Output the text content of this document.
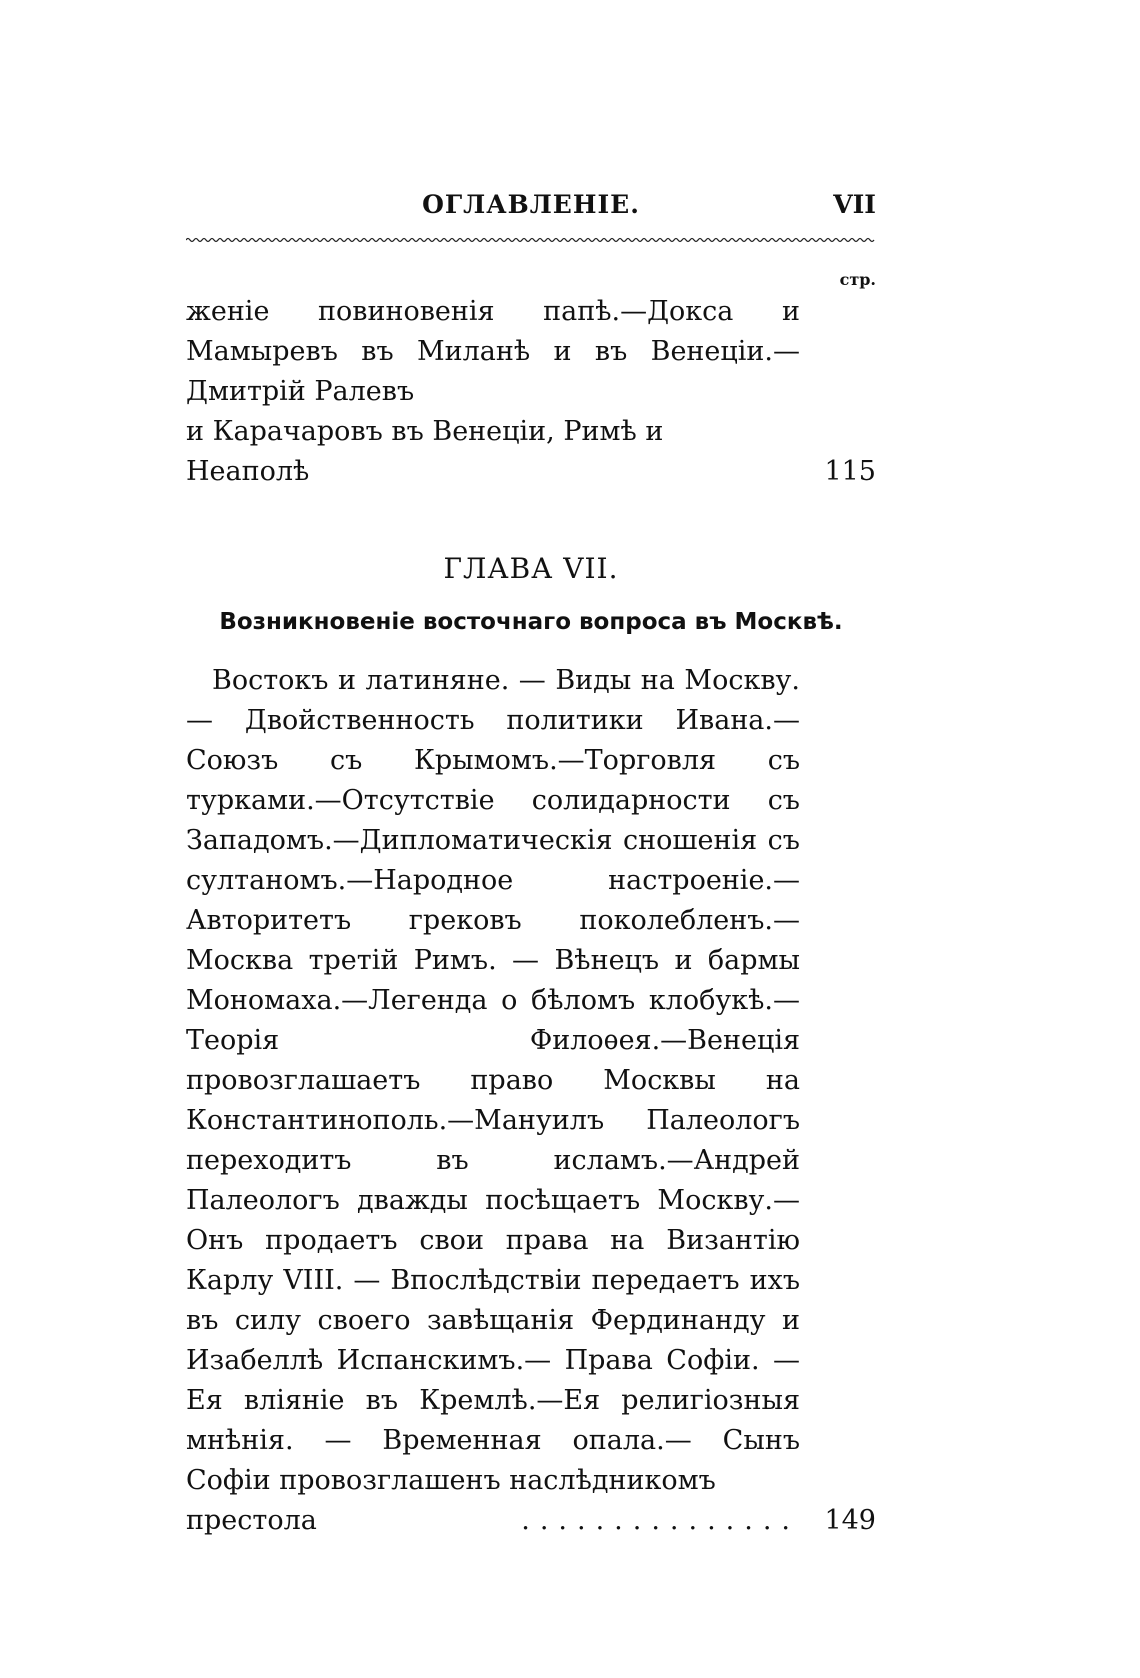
ОГЛАВЛЕНІЕ.	VII
стр.
женіе повиновенія папѣ.—Докса и Мамыревъ въ Миланѣ и въ Венеціи.—Дмитрій Ралевъ
и Карачаровъ въ Венеціи, Римѣ и Неаполѣ	115
ГЛАВА VII.
Возникновеніе восточнаго вопроса въ Москвѣ.
Востокъ и латиняне. — Виды на Москву.— Двойственность политики Ивана.—Союзъ съ Крымомъ.—Торговля съ турками.—Отсутствіе солидарности съ Западомъ.—Дипломатическія сношенія съ султаномъ.—Народное настроеніе.— Авторитетъ грековъ поколебленъ.—Москва третій Римъ. — Вѣнецъ и бармы Мономаха.—Легенда о бѣломъ клобукѣ.—Теорія Филоѳея.—Венеція провозглашаетъ право Москвы на Константинополь.—Мануилъ Палеологъ переходитъ въ исламъ.—Андрей Палеологъ дважды посѣщаетъ Москву.—Онъ продаетъ свои права на Византію Карлу VIII. — Впослѣдствіи передаетъ ихъ въ силу своего завѣщанія Фердинанду и Изабеллѣ Испанскимъ.— Права Софіи. — Ея вліяніе въ Кремлѣ.—Ея религіозныя мнѣнія. — Временная опала.— Сынъ Софіи провозглашенъ наслѣдникомъ
престола	............... 149
